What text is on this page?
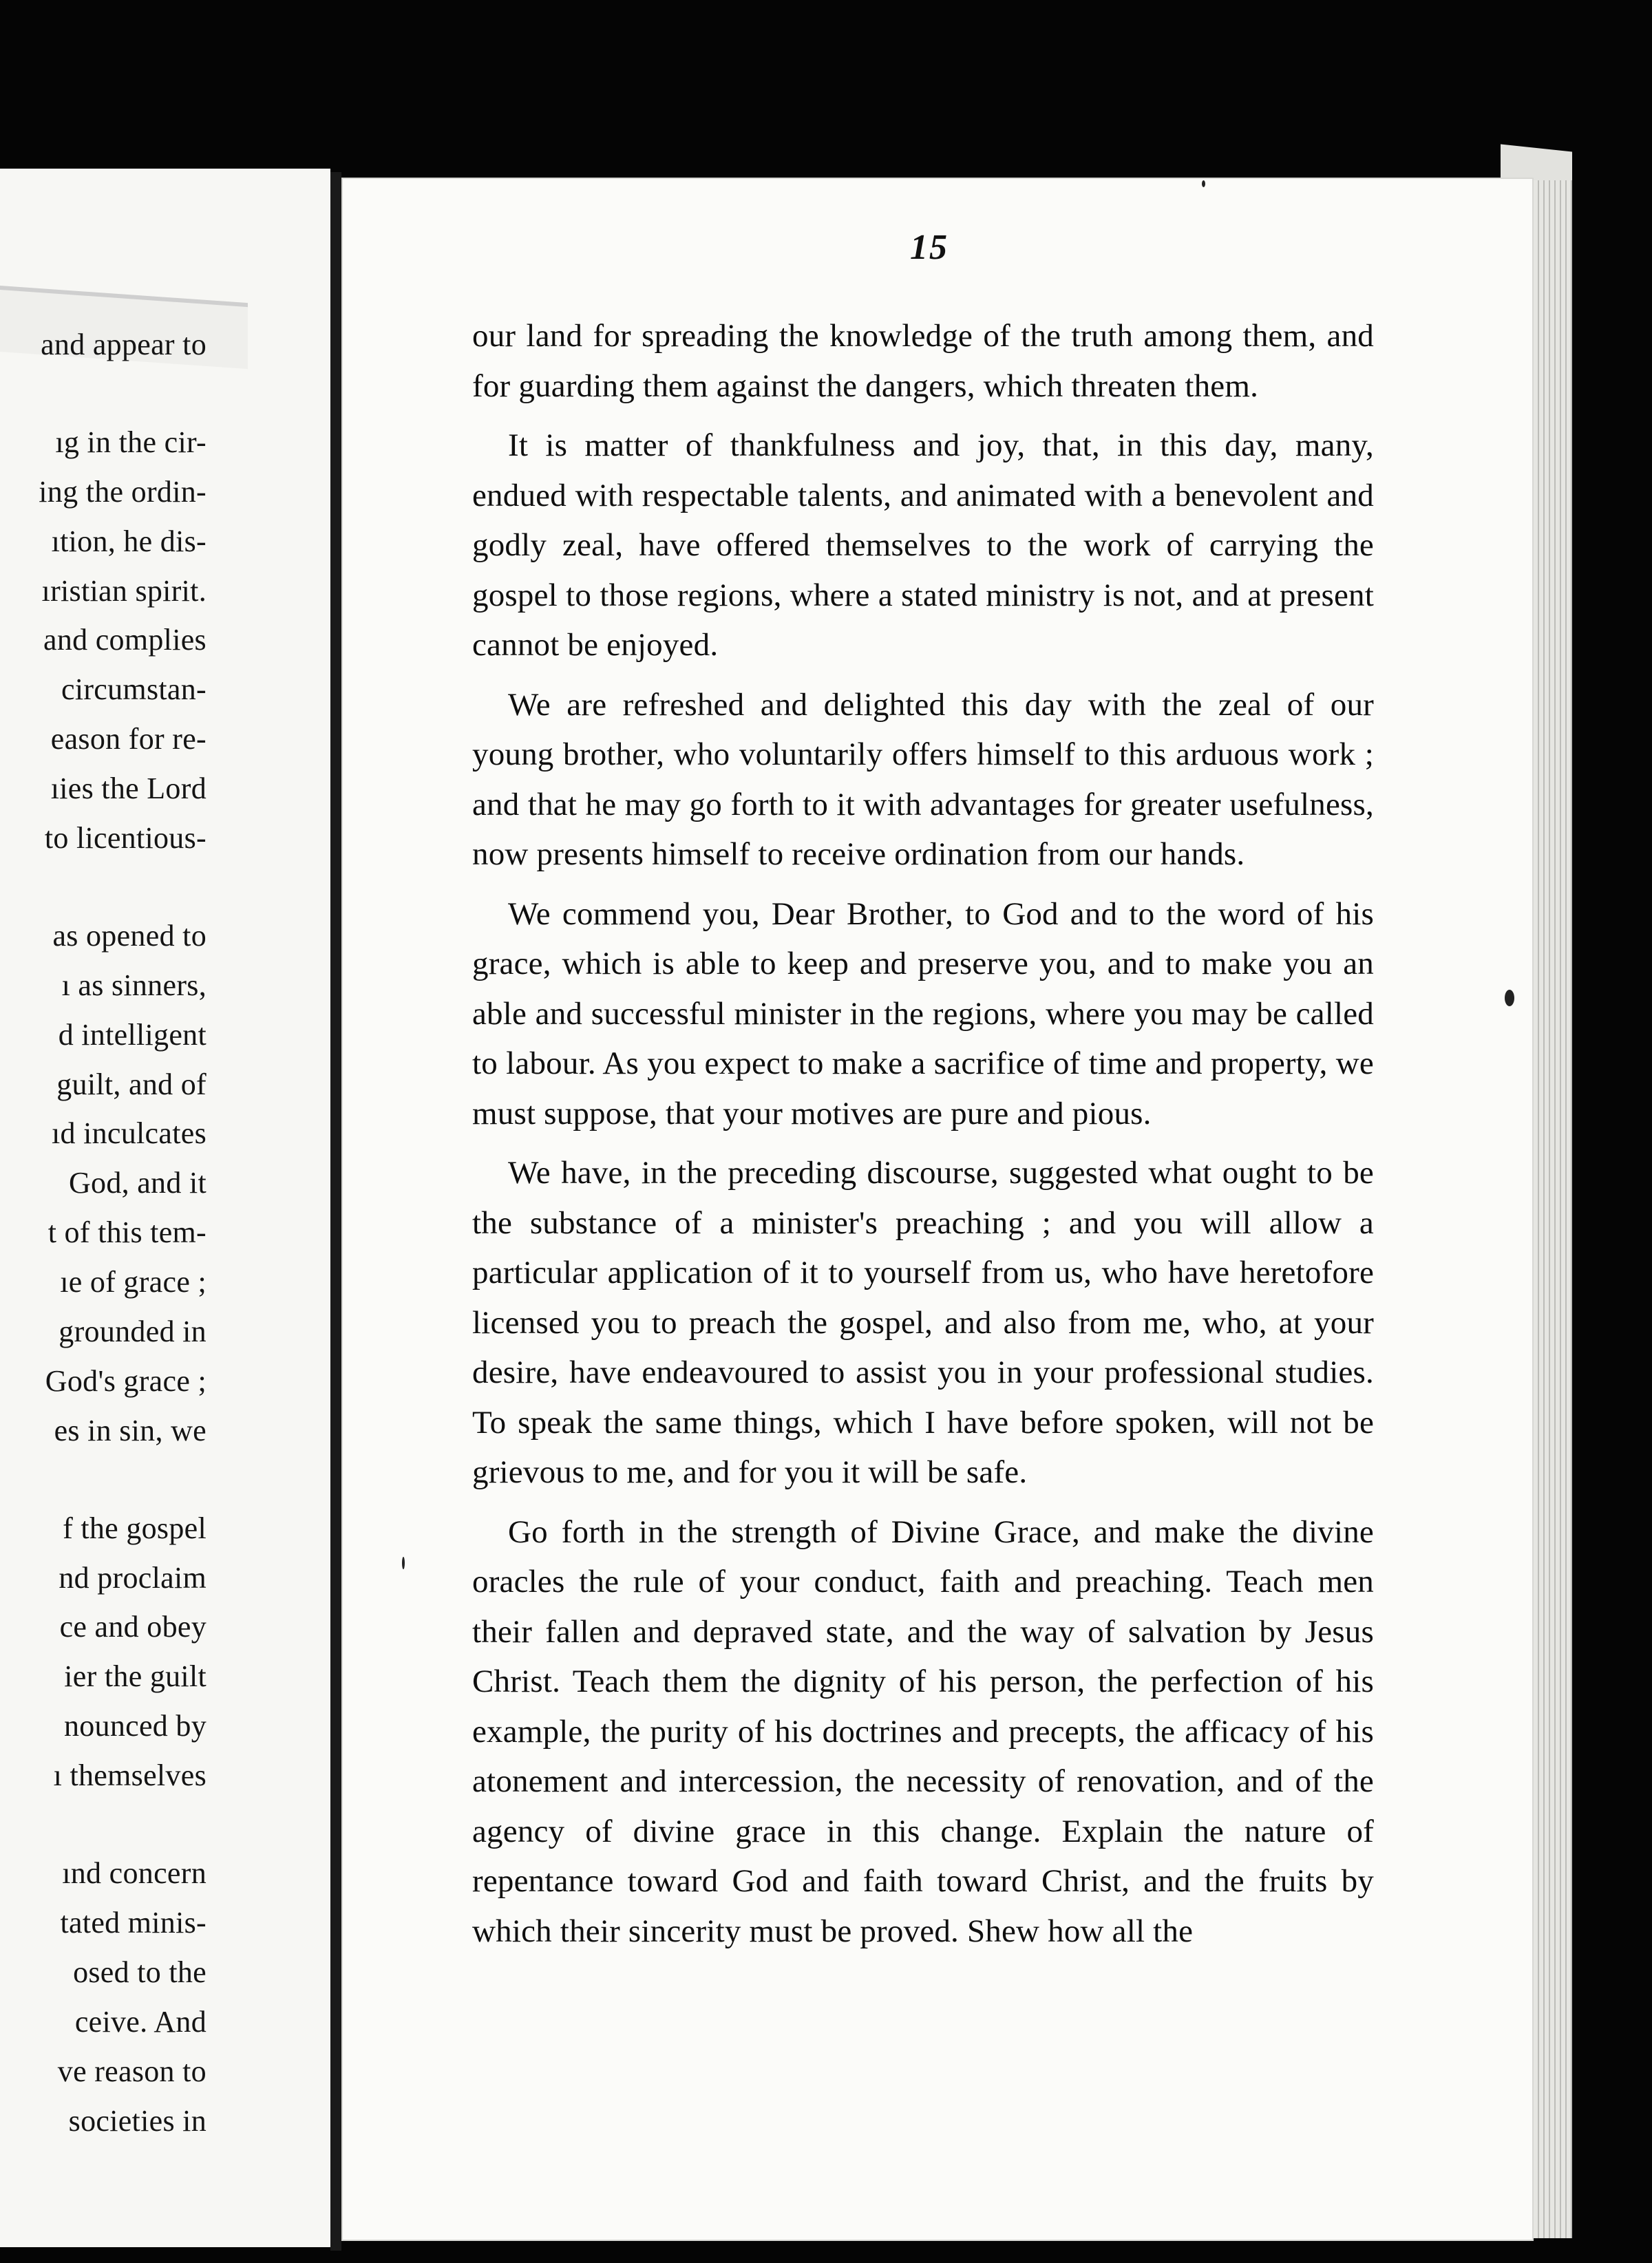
and appear to
ıg in the cir-
ing the ordin-
ıtion, he dis-
ıristian spirit.
and complies
circumstan-
eason for re-
ıies the Lord
to licentious-
as opened to
ı as sinners,
d intelligent
guilt, and of
ıd inculcates
God, and it
t of this tem-
ıe of grace ;
grounded in
God's grace ;
es in sin, we
f the gospel
nd proclaim
ce and obey
ier the guilt
nounced by
ı themselves
ınd concern
tated minis-
osed to the
ceive. And
ve reason to
societies in
15

our land for spreading the knowledge of the truth among them, and for guarding them against the dangers, which threaten them.

It is matter of thankfulness and joy, that, in this day, many, endued with respectable talents, and animated with a benevolent and godly zeal, have offered themselves to the work of carrying the gospel to those regions, where a stated ministry is not, and at present cannot be enjoyed.

We are refreshed and delighted this day with the zeal of our young brother, who voluntarily offers himself to this arduous work ; and that he may go forth to it with advantages for greater usefulness, now presents himself to receive ordination from our hands.

We commend you, Dear Brother, to God and to the word of his grace, which is able to keep and preserve you, and to make you an able and successful minister in the regions, where you may be called to labour. As you expect to make a sacrifice of time and property, we must suppose, that your motives are pure and pious.

We have, in the preceding discourse, suggested what ought to be the substance of a minister's preaching ; and you will allow a particular application of it to yourself from us, who have heretofore licensed you to preach the gospel, and also from me, who, at your desire, have endeavoured to assist you in your professional studies. To speak the same things, which I have before spoken, will not be grievous to me, and for you it will be safe.

Go forth in the strength of Divine Grace, and make the divine oracles the rule of your conduct, faith and preaching. Teach men their fallen and depraved state, and the way of salvation by Jesus Christ. Teach them the dignity of his person, the perfection of his example, the purity of his doctrines and precepts, the afficacy of his atonement and intercession, the necessity of renovation, and of the agency of divine grace in this change. Explain the nature of repentance toward God and faith toward Christ, and the fruits by which their sincerity must be proved. Shew how all the
